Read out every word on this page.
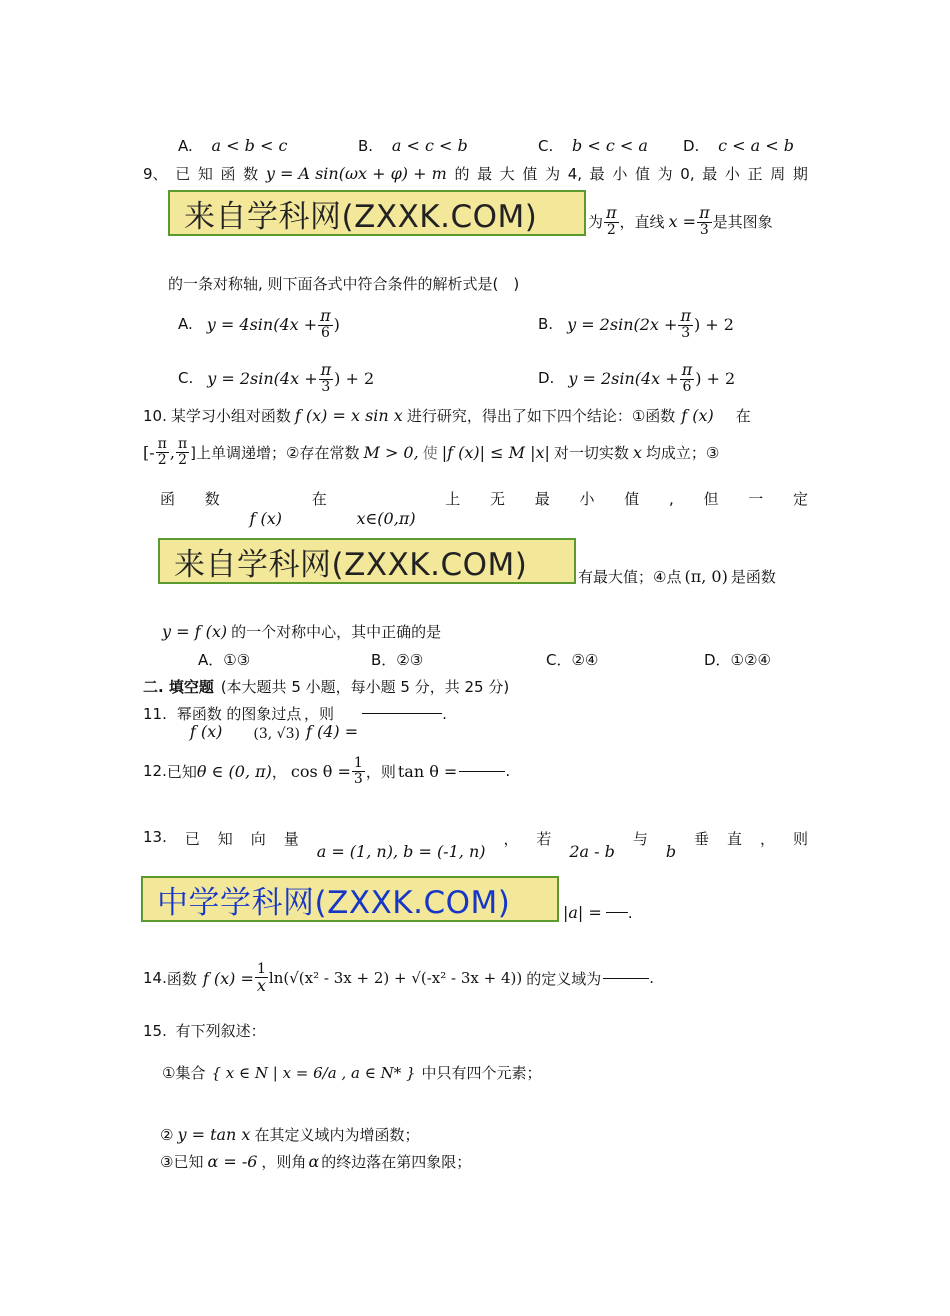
A. a < b < c	B. a < c < b	C. b < c < a D. c < a < b
9、 已 知 函 数 y = A sin(ωx + φ) + m 的 最 大 值 为 4, 最 小 值 为 0, 最 小 正 周 期
来自学科网(ZXXK.COM)	为 $\frac{\pi}{2}$ ，直线 $x = \frac{\pi}{3}$ 是其图象
的一条对称轴, 则下面各式中符合条件的解析式是(　)
A. $y = 4\sin(4x + \frac{\pi}{6}$ )	B. $y = 2\sin(2x + \frac{\pi}{3}$ ) + 2
C. $y = 2\sin(4x + \frac{\pi}{3}$ ) + 2	D. $y = 2\sin(4x + \frac{\pi}{6}$ ) + 2
10. 某学习小组对函数 f (x) = x sin x 进行研究，得出了如下四个结论：①函数 f (x) 在
[- $\frac{\pi}{2}$ , $\frac{\pi}{2}$ ]上单调递增；②存在常数 M > 0, 使 |f (x)| ≤ M |x| 对一切实数 x 均成立；③
函 数
f (x)
在
x∈(0,π)
上 无 最 小 值 , 但 一 定
来自学科网(ZXXK.COM)	有最大值；④点 (π, 0) 是函数
y = f (x) 的一个对称中心，其中正确的是
A．①③	B．②③	C．②④	D．①②④
二. 填空题 (本大题共 5 小题，每小题 5 分，共 25 分)
11. 幂函数
f (x)
的图象过点
(3, √3)
，则
f (4) =
.
12. 已知 θ ∈ (0, π) ， $\cos \theta = \frac{1}{3}$ ，则 tan θ =	.
13. 已 知 向 量
a = (1, n), b = (-1, n)
， 若
2a - b
与
b
垂 直 ， 则
中学学科网(ZXXK.COM)	|a| = .
14. 函数 f $(x) = \frac{1}{x} \ln(√(x^2 - 3x + 2) + √(-x^2 - 3x + 4))$ 的定义域为	.
15. 有下列叙述：
①集合 { x ∈ N | x = 6/a , a ∈ N* } 中只有四个元素；
② y = tan x 在其定义域内为增函数；
③已知 α = -6 ，则角 α 的终边落在第四象限；
